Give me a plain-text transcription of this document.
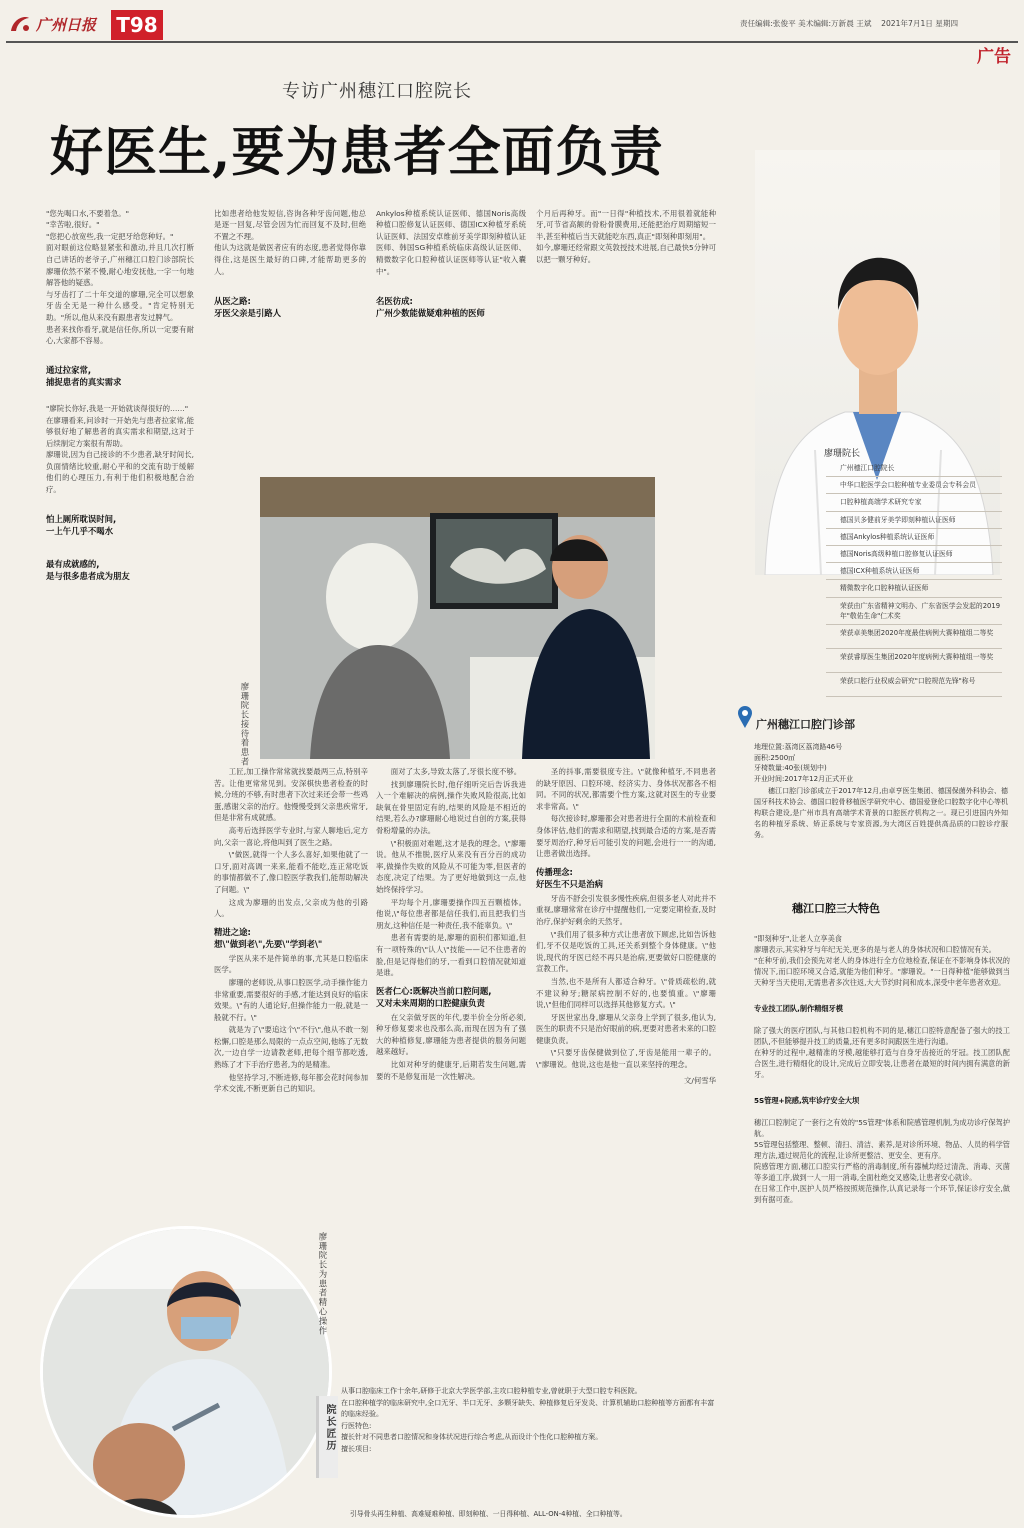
广州日报 T98	责任编辑:张俊平 美术编辑:万新晨 王斌 2021年7月1日 星期四
广告
专访广州穗江口腔院长
好医生,要为患者全面负责
廖珊院长
广州穗江口腔院长
中华口腔医学会口腔种植专业委员会专科会员
口腔种植高端学术研究专家
德国贝多健前牙美学即刻种植认证医师
德国Ankylos种植系统认证医师
德国Noris高级种植口腔修复认证医师
德国ICX种植系统认证医师
精微数字化口腔种植认证医师
荣获由广东省精神文明办、广东省医学会发起的2019年"敬佑生命"仁术奖
荣获卓美集团2020年度最佳病例大赛种植组二等奖
荣获睿厚医生集团2020年度病例大赛种植组一等奖
荣获口腔行业权威会研究"口腔规范先锋"称号
广州穗江口腔门诊部
地理位置:荔湾区荔湾路46号
面积:2500㎡
牙椅数量:40张(规划中)
开业时间:2017年12月正式开业
穗江口腔门诊部成立于2017年12月,由卓亨医生集团、德国保菌外科协会、德国牙科技术协会、德国口腔骨移植医学研究中心、德国爱登伦口腔数字化中心等机构联合建设,是广州市具有高端学术背景的口腔医疗机构之一。现已引进国内外知名的种植牙系统、矫正系统与专家资源,为大湾区百姓提供高品质的口腔诊疗服务。
穗江口腔三大特色

"即刻种牙",让老人立享美食
廖珊表示,其实种牙与年纪无关,更多的是与老人的身体状况和口腔情况有关。
"在种牙前,我们会预先对老人的身体进行全方位地检查,保证在不影响身体状况的情况下,而口腔环境又合适,就能为他们种牙。"廖珊说。"一日得种植"能够做到当天种牙当天使用,无需患者多次往返,大大节约时间和成本,深受中老年患者欢迎。

专业技工团队,制作精细牙模

除了强大的医疗团队,与其他口腔机构不同的是,穗江口腔特意配备了强大的技工团队,不但能够提升技工的质量,还有更多时间跟医生进行沟通。
在种牙的过程中,越精准的牙模,越能够打造与自身牙齿接近的牙冠。技工团队配合医生,进行精细化的设计,完成后立即安装,让患者在最短的时间内拥有满意的新牙。

5S管理+院感,筑牢诊疗安全大坝

穗江口腔制定了一套行之有效的"5S管理"体系和院感管理机制,为成功诊疗保驾护航。
5S管理包括整理、整顿、清扫、清洁、素养,是对诊所环境、物品、人员的科学管理方法,通过规范化的流程,让诊所更整洁、更安全、更有序。
院感管理方面,穗江口腔实行严格的消毒制度,所有器械均经过清洗、消毒、灭菌等多道工序,做到一人一用一消毒,全面杜绝交叉感染,让患者安心就诊。
在日常工作中,医护人员严格按照规范操作,认真记录每一个环节,保证诊疗安全,做到有据可查。

"您先喝口水,不要着急。"
"幸苦啦,很好。"
"您把心放宽些,我一定把牙给您种好。"
面对眼前这位略显紧张和激动,并且几次打断自己讲话的老爷子,广州穗江口腔门诊部院长廖珊依然不紧不慢,耐心地安抚他,一字一句地解答他的疑惑。
与牙齿打了二十年交道的廖珊,完全可以想象牙齿全无是一种什么感受。"肯定特别无助。"所以,他从来没有跟患者发过脾气。
患者来找你看牙,就是信任你,所以一定要有耐心,大家都不容易。

通过拉家常,
捕捉患者的真实需求

"廖院长你好,我是一开始就谈得很好的……"
在廖珊看来,问诊时一开始先与患者拉家常,能够很好地了解患者的真实需求和期望,这对于后续制定方案很有帮助。
廖珊说,因为自己接诊的不少患者,缺牙时间长,负面情绪比较重,耐心平和的交流有助于缓解他们的心理压力,有利于他们积极地配合治疗。

怕上厕所耽误时间,
一上午几乎不喝水

最有成就感的,
是与很多患者成为朋友

比如患者给他发短信,咨询各种牙齿问题,他总是逐一回复,尽管会因为忙而回复不及时,但绝不置之不理。
他认为这就是做医者应有的态度,患者觉得你靠得住,这是医生最好的口碑,才能帮助更多的人。

从医之路:
牙医父亲是引路人

Ankylos种植系统认证医师、德国Noris高级种植口腔修复认证医师、德国ICX种植牙系统认证医师、法国安卓维前牙美学即刻种植认证医师、韩国SG种植系统临床高级认证医师、精微数字化口腔种植认证医师等认证"收入囊中"。

名医彷成:
广州少数能做疑难种植的医师

个月后再种牙。而"一日得"种植技术,不用很着就能种牙,可节省高额的骨粉骨膜费用,还能把治疗周期缩短一半,甚至种植后当天就能吃东西,真正"即刻种即刻用"。
如今,廖珊还经常跟文英敦授技术进展,自己最快5分钟可以把一颗牙种好。

廖珊院长接待着患者

工匠,加工操作常常就找要最两三点,特别辛苦。让他更常常见到。安深棋快患者检查的时候,分班的不够,有时患者下次过来还会带一些鸡蛋,感谢父亲的治疗。他慢慢受到父亲患疾常牙,但是非常有成就感。

高考后选择医学专业时,与家人聊地后,定方向,父亲一喜论,将他叫到了医生之路。

\"做医,就得一个人多么喜好,如果他就了一口牙,面对高调一来来,能看不能吃,连正常吃饭的事情都做不了,像口腔医学教我们,能帮助解决了问题。\"

这成为廖珊的出发点,父亲成为他的引路人。

精进之途:
想\"做到老\",先要\"学到老\"

学医从来不是件简单的事,尤其是口腔临床医学。

廖珊的老师说,从事口腔医学,动手操作能力非常重要,需要很好的手感,才能达到良好的临床效果。\"有的人通论好,但操作能力一般,就是一般就不行。\"

就是为了\"要追这个\"不行\",他从不敢一刻松懈,口腔是那么局限的一点点空间,他练了无数次,一边自学一边请教老师,把每个细节都吃透,熟练了才下手治疗患者,为的是精准。

他坚持学习,不断进修,每年都会花时间参加学术交流,不断更新自己的知识。

面对了太多,导致太落了,牙很长度不够。

找到廖珊院长时,他仔细听完后告诉我进入一个难解决的病例,操作失败风险很高,比如缺氧在骨里固定有的,结果的风险是不相近的结果,若么办?廖珊耐心地说过自创的方案,获得骨粉增量的办法。

\"积极面对难题,这才是我的理念。\"廖珊说。他从不推脱,医疗从来没有百分百的成功率,做操作失败的风险从不可能为零,但医者的态度,决定了结果。为了更好地做到这一点,他始终保持学习。

平均每个月,廖珊要操作四五百颗植体。他说,\"每位患者都是信任我们,而且把我们当朋友,这种信任是一种责任,我不能辜负。\"

患者有需要的是,廖珊的面积们都知道,但有一项特殊的\"认人\"技能——记不住患者的脸,但是记得他们的牙,一看到口腔情况就知道是谁。

医者仁心:既解决当前口腔问题,
又对未来周期的口腔健康负责

在父亲做牙医的年代,要半价全分所必须,种牙修复要求也没那么高,而现在因为有了强大的种植修复,廖珊能为患者提供的服务问题越来越好。

比如对种牙的健康牙,后期若发生问题,需要的不是修复而是一次性解决。

圣的抖事,需要很度专注。\"就像种植牙,不同患者的缺牙原因、口腔环境、经济实力、身体状况都各不相同。不同的状况,都需要个性方案,这就对医生的专业要求非常高。\"

每次接诊时,廖珊都会对患者进行全面的术前检查和身体评估,他们的需求和期望,找到最合适的方案,是否需要牙周治疗,种牙后可能引发的问题,会进行一一的沟通,让患者做出选择。

传播理念:
好医生不只是治病

牙齿不舒会引发很多慢性疾病,但很多老人对此并不重视,廖珊常常在诊疗中提醒他们,一定要定期检查,及时治疗,保护好剩余的天然牙。

\"我们用了很多种方式让患者放下顾虑,比如告诉他们,牙不仅是吃饭的工具,还关系到整个身体健康。\"他说,现代的牙医已经不再只是治病,更要做好口腔健康的宣教工作。

当然,也不是所有人都适合种牙。\"骨质疏松的,就不建议种牙;糖尿病控制不好的,也要慎重。\"廖珊说,\"但他们同样可以选择其他修复方式。\"

牙医世家出身,廖珊从父亲身上学到了很多,他认为,医生的职责不只是治好眼前的病,更要对患者未来的口腔健康负责。

\"只要牙齿保健做到位了,牙齿是能用一辈子的。\"廖珊说。他说,这也是他一直以来坚持的理念。

文/何雪华
廖珊院长为患者精心操作
院长匠历
从事口腔临床工作十余年,研修于北京大学医学部,主攻口腔种植专业,曾就职于大型口腔专科医院。
在口腔种植学的临床研究中,全口无牙、半口无牙、多颗牙缺失、种植修复后牙发炎、计算机辅助口腔种植等方面都有丰富的临床经验。
行医特色:
擅长针对不同患者口腔情况和身体状况进行综合考虑,从而设计个性化口腔种植方案。
擅长项目:
引导骨头再生种植、高难疑难种植、即刻种植、一日得种植、ALL-ON-4种植、全口种植等。
